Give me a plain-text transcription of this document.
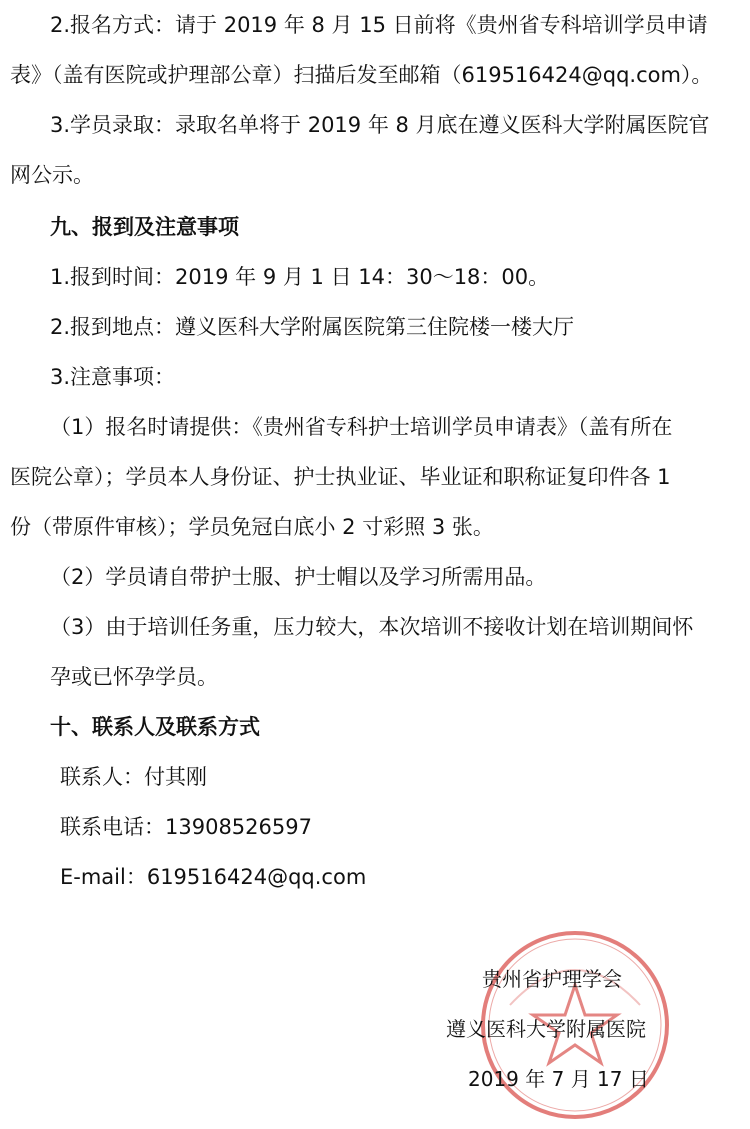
2.报名方式：请于 2019 年 8 月 15 日前将《贵州省专科培训学员申请
表》（盖有医院或护理部公章）扫描后发至邮箱（619516424@qq.com）。
3.学员录取：录取名单将于 2019 年 8 月底在遵义医科大学附属医院官
网公示。
九、报到及注意事项
1.报到时间：2019 年 9 月 1 日 14：30～18：00。
2.报到地点：遵义医科大学附属医院第三住院楼一楼大厅
3.注意事项：
（1）报名时请提供：《贵州省专科护士培训学员申请表》（盖有所在
医院公章）；学员本人身份证、护士执业证、毕业证和职称证复印件各 1
份（带原件审核）；学员免冠白底小 2 寸彩照 3 张。
（2）学员请自带护士服、护士帽以及学习所需用品。
（3）由于培训任务重，压力较大，本次培训不接收计划在培训期间怀
孕或已怀孕学员。
十、联系人及联系方式
联系人：付其刚
联系电话：13908526597
E-mail：619516424@qq.com
贵州省护理学会
遵义医科大学附属医院
2019 年 7 月 17 日
